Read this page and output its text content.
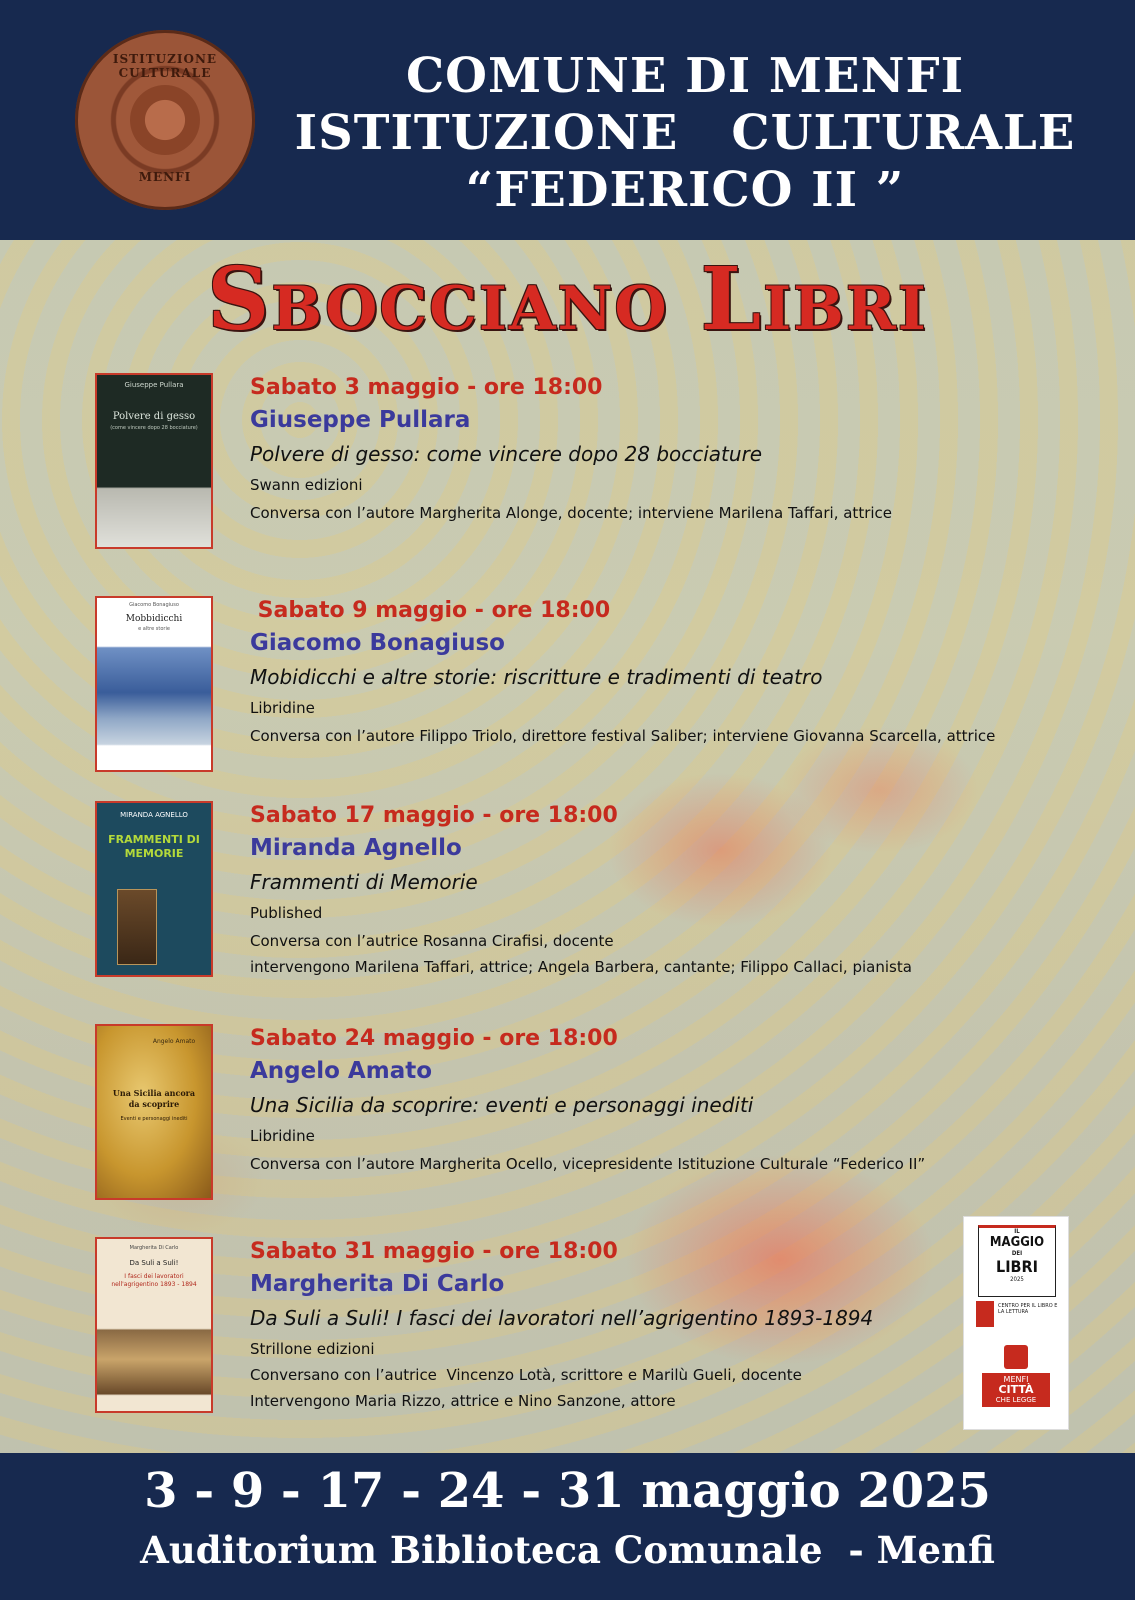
ISTITUZIONE CULTURALE
MENFI
COMUNE DI MENFI
ISTITUZIONE   CULTURALE
“FEDERICO II ”
Sbocciano Libri
Giuseppe Pullara
Polvere di gesso
(come vincere dopo 28 bocciature)
Sabato 3 maggio - ore 18:00
Giuseppe Pullara
Polvere di gesso: come vincere dopo 28 bocciature
Swann edizioni
Conversa con l’autore Margherita Alonge, docente; interviene Marilena Taffari, attrice
Giacomo Bonagiuso
Mobbidicchi
e altre storie
Sabato 9 maggio - ore 18:00
Giacomo Bonagiuso
Mobidicchi e altre storie: riscritture e tradimenti di teatro
Libridine
Conversa con l’autore Filippo Triolo, direttore festival Saliber; interviene Giovanna Scarcella, attrice
MIRANDA AGNELLO
FRAMMENTI DI MEMORIE
Sabato 17 maggio - ore 18:00
Miranda Agnello
Frammenti di Memorie
Published
Conversa con l’autrice Rosanna Cirafisi, docente
intervengono Marilena Taffari, attrice; Angela Barbera, cantante; Filippo Callaci, pianista
Angelo Amato
Una Sicilia ancora da scoprire
Eventi e personaggi inediti
Sabato 24 maggio - ore 18:00
Angelo Amato
Una Sicilia da scoprire: eventi e personaggi inediti
Libridine
Conversa con l’autore Margherita Ocello, vicepresidente Istituzione Culturale “Federico II”
Margherita Di Carlo
Da Suli a Suli!
I fasci dei lavoratori nell'agrigentino 1893 - 1894
Sabato 31 maggio - ore 18:00
Margherita Di Carlo
Da Suli a Suli! I fasci dei lavoratori nell’agrigentino 1893-1894
Strillone edizioni
Conversano con l’autrice  Vincenzo Lotà, scrittore e Marilù Gueli, docente
Intervengono Maria Rizzo, attrice e Nino Sanzone, attore
IL
MAGGIO
DEI
LIBRI
2025
CENTRO PER IL LIBRO E LA LETTURA
MENFI
CITTÀ
CHE LEGGE
3 - 9 - 17 - 24 - 31 maggio 2025
Auditorium Biblioteca Comunale  - Menfi
